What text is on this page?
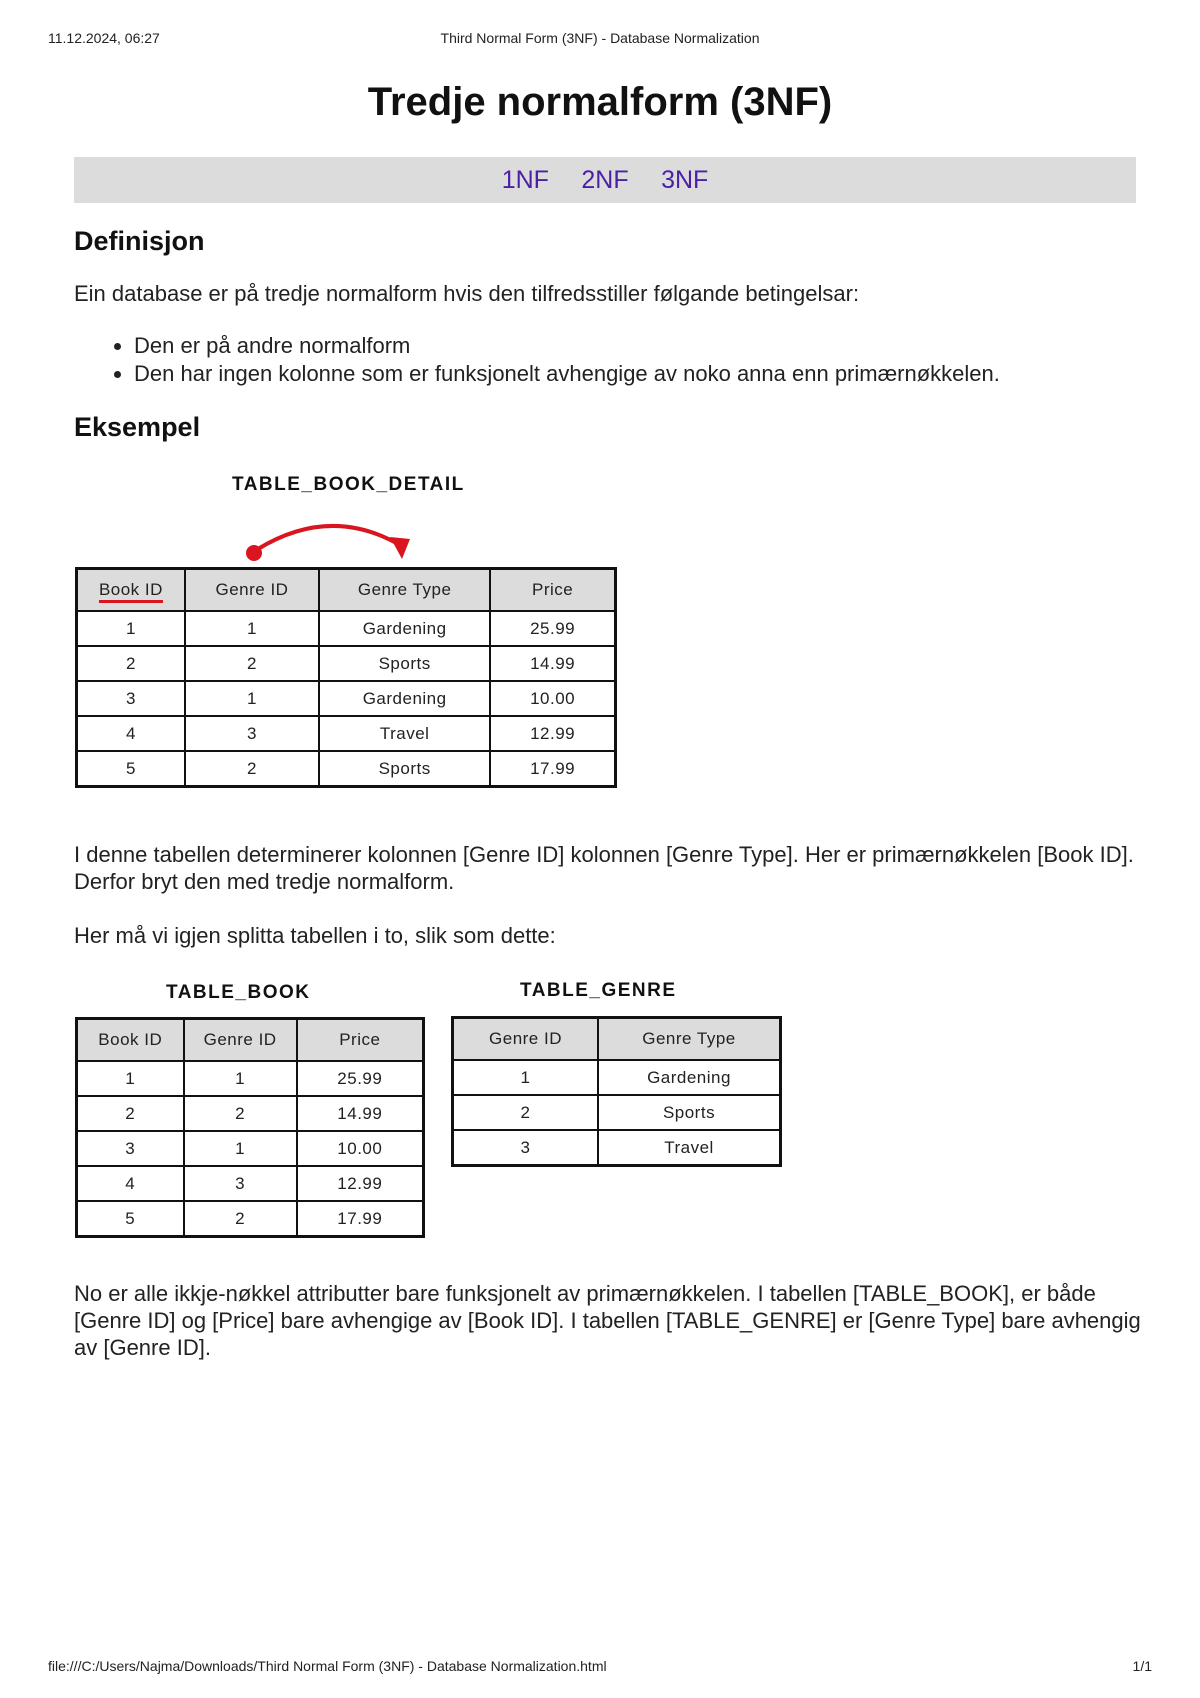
11.12.2024, 06:27	Third Normal Form (3NF) - Database Normalization
Tredje normalform (3NF)
1NF 2NF 3NF
Definisjon

Ein database er på tredje normalform hvis den tilfredsstiller følgande betingelsar:

• Den er på andre normalform
• Den har ingen kolonne som er funksjonelt avhengige av noko anna enn primærnøkkelen.
Eksempel
TABLE_BOOK_DETAIL
Book ID	Genre ID	Genre Type	Price
1	1	Gardening	25.99
2	2	Sports	14.99
3	1	Gardening	10.00
4	3	Travel	12.99
5	2	Sports	17.99

I denne tabellen determinerer kolonnen [Genre ID] kolonnen [Genre Type]. Her er primærnøkkelen [Book ID]. Derfor bryt den med tredje normalform.

Her må vi igjen splitta tabellen i to, slik som dette:

TABLE_BOOK	TABLE_GENRE
Book ID	Genre ID	Price
1	1	25.99
2	2	14.99
3	1	10.00
4	3	12.99
5	2	17.99
Genre ID	Genre Type
1	Gardening
2	Sports
3	Travel

No er alle ikkje-nøkkel attributter bare funksjonelt av primærnøkkelen. I tabellen [TABLE_BOOK], er både [Genre ID] og [Price] bare avhengige av [Book ID]. I tabellen [TABLE_GENRE] er [Genre Type] bare avhengig av [Genre ID].

file:///C:/Users/Najma/Downloads/Third Normal Form (3NF) - Database Normalization.html	1/1
